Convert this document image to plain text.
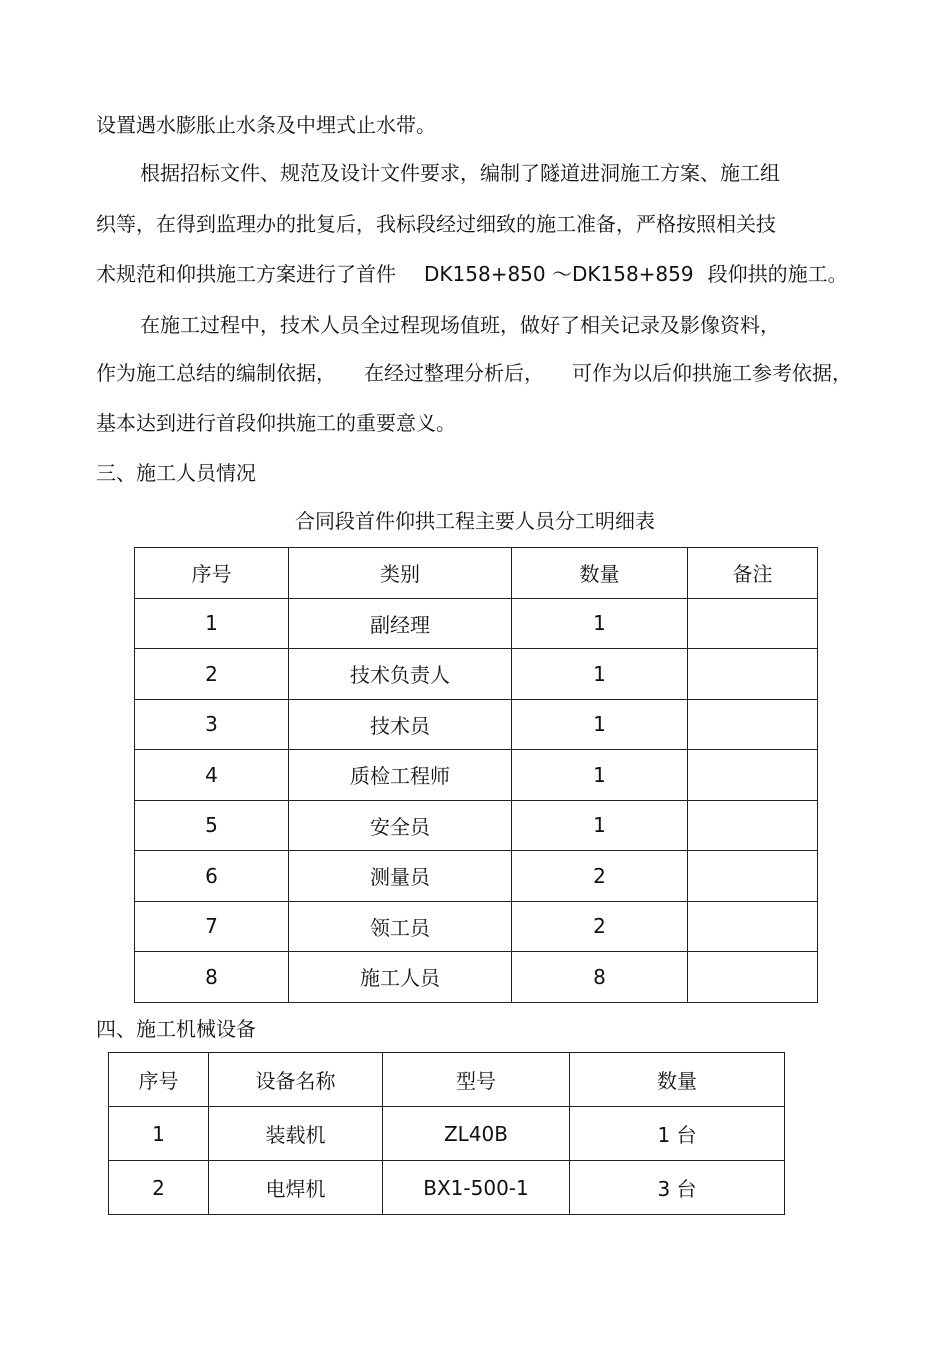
设置遇水膨胀止水条及中埋式止水带。
根据招标文件、规范及设计文件要求，编制了隧道进洞施工方案、施工组
织等，在得到监理办的批复后，我标段经过细致的施工准备，严格按照相关技
术规范和仰拱施工方案进行了首件 DK158+850 ～DK158+859 段仰拱的施工。
在施工过程中，技术人员全过程现场值班，做好了相关记录及影像资料，
作为施工总结的编制依据， 在经过整理分析后， 可作为以后仰拱施工参考依据，
基本达到进行首段仰拱施工的重要意义。
三、施工人员情况
合同段首件仰拱工程主要人员分工明细表
序号	类别	数量	备注
1	副经理	1	
2	技术负责人	1	
3	技术员	1	
4	质检工程师	1	
5	安全员	1	
6	测量员	2	
7	领工员	2	
8	施工人员	8	
四、施工机械设备
序号	设备名称	型号	数量
1	装载机	ZL40B	1 台
2	电焊机	BX1-500-1	3 台
